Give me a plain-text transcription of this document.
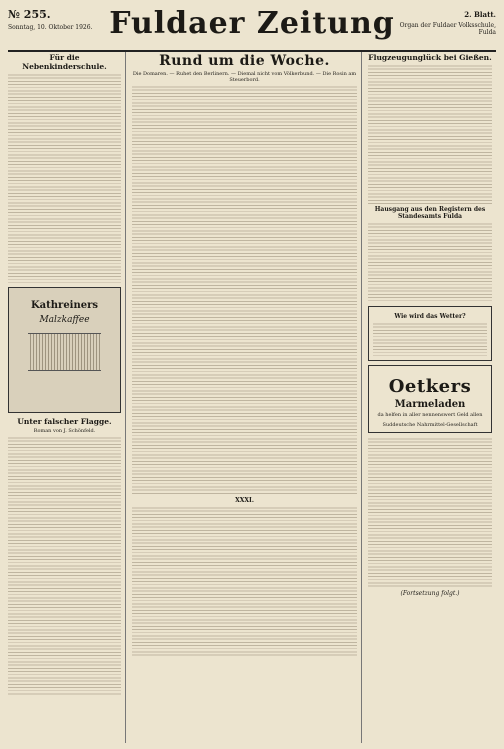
№ 255.
Sonntag, 10. Oktober 1926. Fuldaer Zeitung	2. Blatt.
Organ der Fuldaer Volksschule, Fulda
Für die Nebenkinderschule.
Kathreiners
Malzkaffee
Unter falscher Flagge.
Roman von J. Schönfeld.
Rund um die Woche.
Die Domaren. — Ruhet den Berlinern. — Diemal nicht vom Völkerbund. — Die Rosin am Steuerbord.
XXXI.
Flugzeugunglück bei Gießen.
Hausgang aus den Registern des Standesamts Fulda
Wie wird das Wetter?
Oetkers
Marmeladen
da helfen in aller nennenswert Geld allen
Suddeutsche Nahrmittel-Gesellschaft
(Fortsetzung folgt.)
